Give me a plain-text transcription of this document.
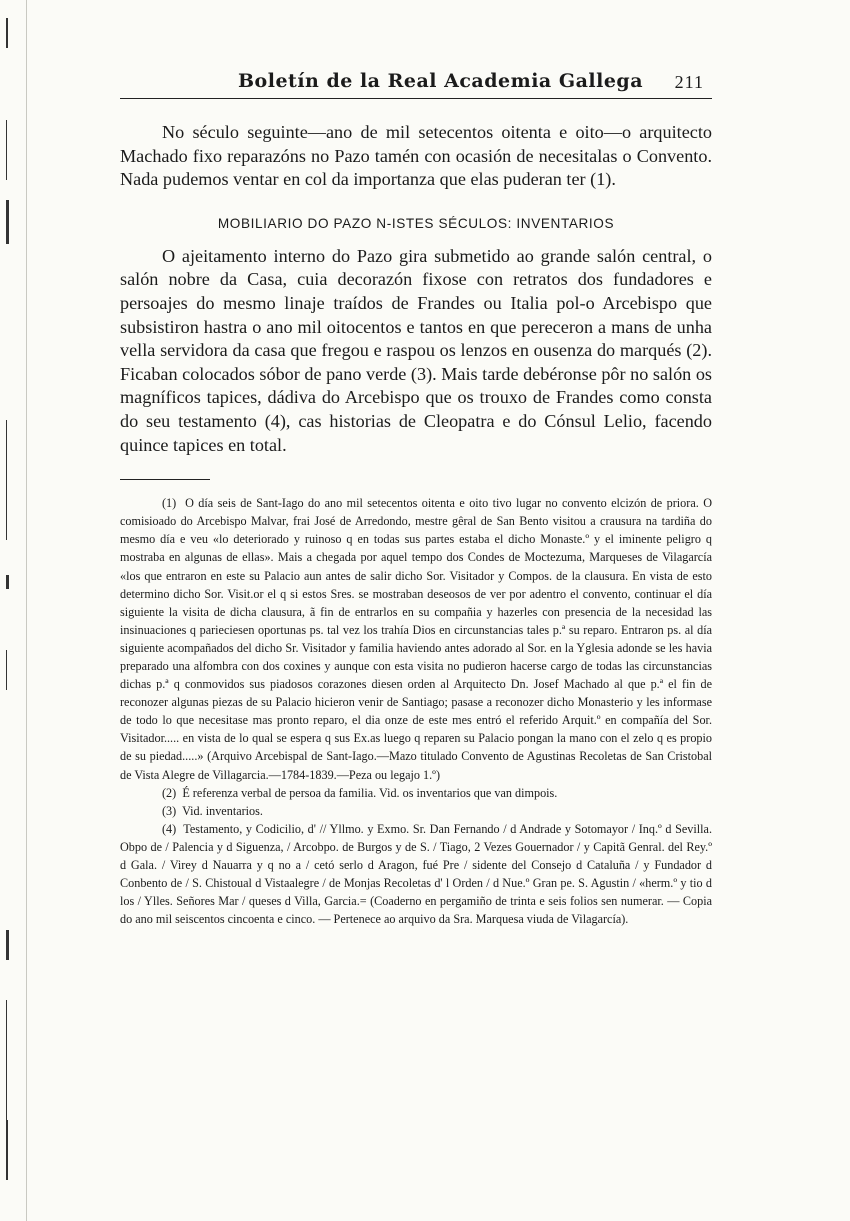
Boletín de la Real Academia Gallega 211

No século seguinte—ano de mil setecentos oitenta e oito—o arquitecto Machado fixo reparazóns no Pazo tamén con ocasión de necesitalas o Convento. Nada pudemos ventar en col da importanza que elas puderan ter (1).

MOBILIARIO DO PAZO N-ISTES SÉCULOS: INVENTARIOS

O ajeitamento interno do Pazo gira submetido ao grande salón central, o salón nobre da Casa, cuia decorazón fixose con retratos dos fundadores e persoajes do mesmo linaje traídos de Frandes ou Italia pol-o Arcebispo que subsistiron hastra o ano mil oitocentos e tantos en que pereceron a mans de unha vella servidora da casa que fregou e raspou os lenzos en ousenza do marqués (2). Ficaban colocados sóbor de pano verde (3). Mais tarde debéronse pôr no salón os magníficos tapices, dádiva do Arcebispo que os trouxo de Frandes como consta do seu testamento (4), cas historias de Cleopatra e do Cónsul Lelio, facendo quince tapices en total.

(1) O día seis de Sant-Iago do ano mil setecentos oitenta e oito tivo lugar no convento elcizón de priora. O comisioado do Arcebispo Malvar, frai José de Arredondo, mestre gêral de San Bento visitou a crausura na tardiña do mesmo día e veu «lo deteriorado y ruinoso q en todas sus partes estaba el dicho Monaste.º y el iminente peligro q mostraba en algunas de ellas». Mais a chegada por aquel tempo dos Condes de Moctezuma, Marqueses de Vilagarcía «los que entraron en este su Palacio aun antes de salir dicho Sor. Visitador y Compos. de la clausura. En vista de esto determino dicho Sor. Visit.or el q si estos Sres. se mostraban deseosos de ver por adentro el convento, continuar el día siguiente la visita de dicha clausura, ã fin de entrarlos en su compañia y hazerles con presencia de la necesidad las insinuaciones q parieciesen oportunas ps. tal vez los trahía Dios en circunstancias tales p.ª su reparo. Entraron ps. al día siguiente acompañados del dicho Sr. Visitador y familia haviendo antes adorado al Sor. en la Yglesia adonde se les havia preparado una alfombra con dos coxines y aunque con esta visita no pudieron hacerse cargo de todas las circunstancias dichas p.ª q conmovidos sus piadosos corazones diesen orden al Arquitecto Dn. Josef Machado al que p.ª el fin de reconozer algunas piezas de su Palacio hicieron venir de Santiago; pasase a reconozer dicho Monasterio y les informase de todo lo que necesitase mas pronto reparo, el dia onze de este mes entró el referido Arquit.º en compañía del Sor. Visitador..... en vista de lo qual se espera q sus Ex.as luego q reparen su Palacio pongan la mano con el zelo q es propio de su piedad.....» (Arquivo Arcebispal de Sant-Iago.—Mazo titulado Convento de Agustinas Recoletas de San Cristobal de Vista Alegre de Villagarcia.—1784-1839.—Peza ou legajo 1.º)

(2) É referenza verbal de persoa da familia. Vid. os inventarios que van dimpois.

(3) Vid. inventarios.

(4) Testamento, y Codicilio, d' // Yllmo. y Exmo. Sr. Dan Fernando / d Andrade y Sotomayor / Inq.º d Sevilla. Obpo de / Palencia y d Siguenza, / Arcobpo. de Burgos y de S. / Tiago, 2 Vezes Gouernador / y Capitã Genral. del Rey.º d Gala. / Virey d Nauarra y q no a / cetó serlo d Aragon, fué Pre / sidente del Consejo d Cataluña / y Fundador d Conbento de / S. Chistoual d Vistaalegre / de Monjas Recoletas d' l Orden / d Nue.º Gran pe. S. Agustin / «herm.º y tio d los / Ylles. Señores Mar / queses d Villa, Garcia.= (Coaderno en pergamiño de trinta e seis folios sen numerar. — Copia do ano mil seiscentos cincoenta e cinco. — Pertenece ao arquivo da Sra. Marquesa viuda de Vilagarcía).
